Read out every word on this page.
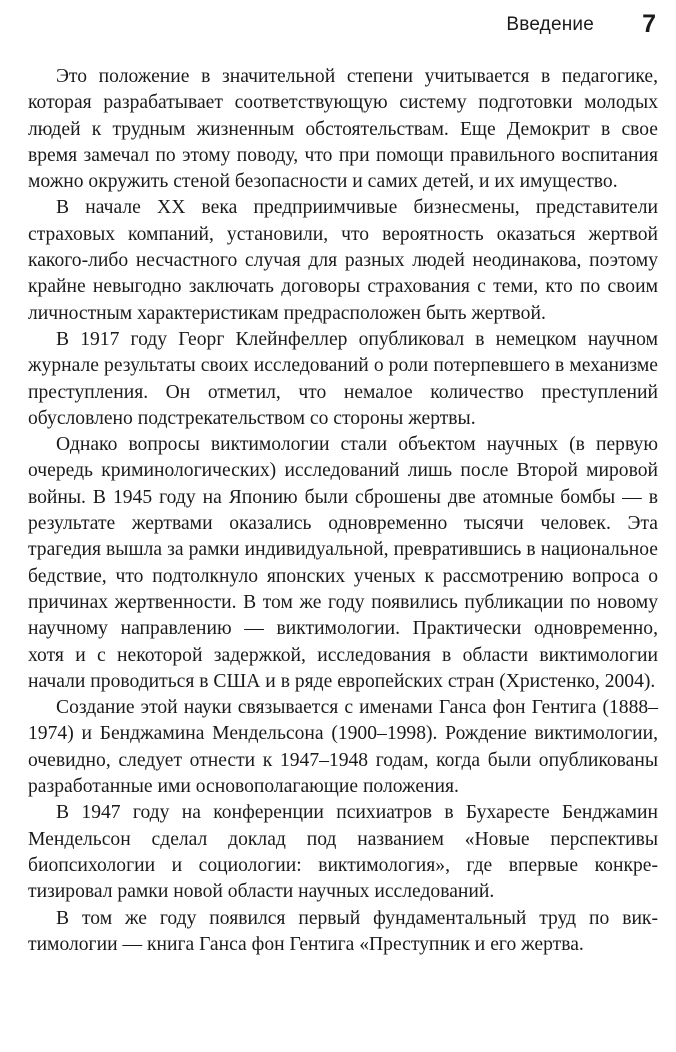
Введение 7

Это положение в значительной степени учитывается в педагогике, которая разрабатывает соответствующую систему подготовки молодых людей к трудным жизненным обстоятельствам. Еще Демокрит в свое время замечал по этому поводу, что при помощи правильного воспитания можно окружить стеной безопасности и самих детей, и их имущество.

В начале XX века предприимчивые бизнесмены, представители страховых компаний, установили, что вероятность оказаться жертвой какого-либо несчастного случая для разных людей неодинакова, поэтому крайне невыгодно заключать договоры страхования с теми, кто по своим личностным характеристикам предрасположен быть жертвой.

В 1917 году Георг Клейнфеллер опубликовал в немецком научном журнале результаты своих исследований о роли потерпевшего в механизме преступления. Он отметил, что немалое количество преступлений обусловлено подстрекательством со стороны жертвы.

Однако вопросы виктимологии стали объектом научных (в первую очередь криминологических) исследований лишь после Второй мировой войны. В 1945 году на Японию были сброшены две атомные бомбы — в результате жертвами оказались одновременно тысячи человек. Эта трагедия вышла за рамки индивидуальной, превратившись в национальное бедствие, что подтолкнуло японских ученых к рассмотрению вопроса о причинах жертвенности. В том же году появились публикации по новому научному направлению — виктимологии. Практически одновременно, хотя и с некоторой задержкой, исследования в области виктимологии начали проводиться в США и в ряде европейских стран (Христенко, 2004).

Создание этой науки связывается с именами Ганса фон Гентига (1888–1974) и Бенджамина Мендельсона (1900–1998). Рождение виктимологии, очевидно, следует отнести к 1947–1948 годам, когда были опубликованы разработанные ими основополагающие положения.

В 1947 году на конференции психиатров в Бухаресте Бенджамин Мендельсон сделал доклад под названием «Новые перспективы биопсихологии и социологии: виктимология», где впервые конкретизировал рамки новой области научных исследований.

В том же году появился первый фундаментальный труд по виктимологии — книга Ганса фон Гентига «Преступник и его жертва.
